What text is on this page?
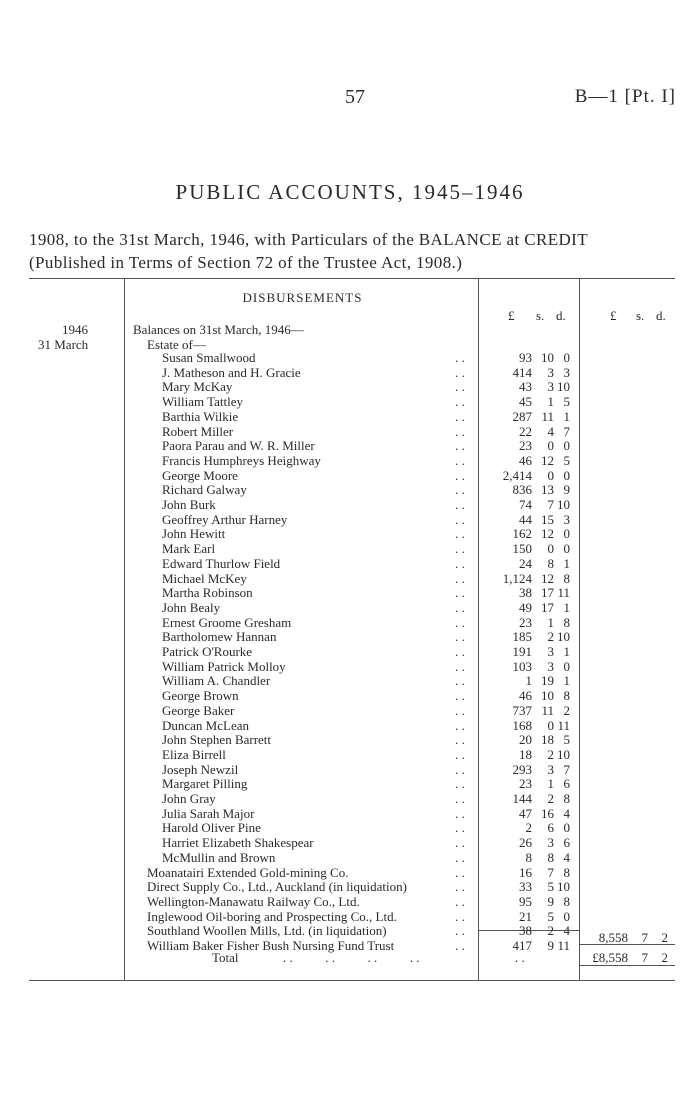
57	B—1 [Pt. I]
PUBLIC ACCOUNTS, 1945–1946
1908, to the 31st March, 1946, with Particulars of the BALANCE at CREDIT
(Published in Terms of Section 72 of the Trustee Act, 1908.)
DISBURSEMENTS
£ s. d.	£ s. d.
1946
31 March
Balances on 31st March, 1946—
Estate of—
Susan Smallwood	. .	93 10 0
J. Matheson and H. Gracie	. .	414	3 3
Mary McKay	. .	43	3 10
William Tattley	. .	45	1 5
Barthia Wilkie	. .	287 11 1
Robert Miller	. .	22	4 7
Paora Parau and W. R. Miller	. .	23	0 0
Francis Humphreys Heighway	. .	46 12 5
George Moore	. .	2,414	0 0
Richard Galway	. .	836 13 9
John Burk	. .	74	7 10
Geoffrey Arthur Harney	. .	44 15 3
John Hewitt	. .	162 12 0
Mark Earl	. .	150	0 0
Edward Thurlow Field	. .	24	8 1
Michael McKey	. .	1,124 12 8
Martha Robinson	. .	38 17 11
John Bealy	. .	49 17 1
Ernest Groome Gresham	. .	23	1 8
Bartholomew Hannan	. .	185	2 10
Patrick O'Rourke	. .	191	3 1
William Patrick Molloy	. .	103	3 0
William A. Chandler	. .	1 19 1
George Brown	. .	46 10 8
George Baker	. .	737 11 2
Duncan McLean	. .	168	0 11
John Stephen Barrett	. .	20 18 5
Eliza Birrell	. .	18	2 10
Joseph Newzil	. .	293	3 7
Margaret Pilling	. .	23	1 6
John Gray	. .	144	2 8
Julia Sarah Major	. .	47 16 4
Harold Oliver Pine	. .	2	6 0
Harriet Elizabeth Shakespear	. .	26	3 6
McMullin and Brown	. .	8	8 4
Moanatairi Extended Gold-mining Co.	. .	16	7 8
Direct Supply Co., Ltd., Auckland (in liquidation)	. .	33	5 10
Wellington-Manawatu Railway Co., Ltd.	. .	95	9 8
Inglewood Oil-boring and Prospecting Co., Ltd.	. .	21	5 0
Southland Woollen Mills, Ltd. (in liquidation)	. .	38	2 4
William Baker Fisher Bush Nursing Fund Trust	. .	417	9 11
8,558	7	2
Total	. .          . .          . .          . .	. .	£8,558	7	2
